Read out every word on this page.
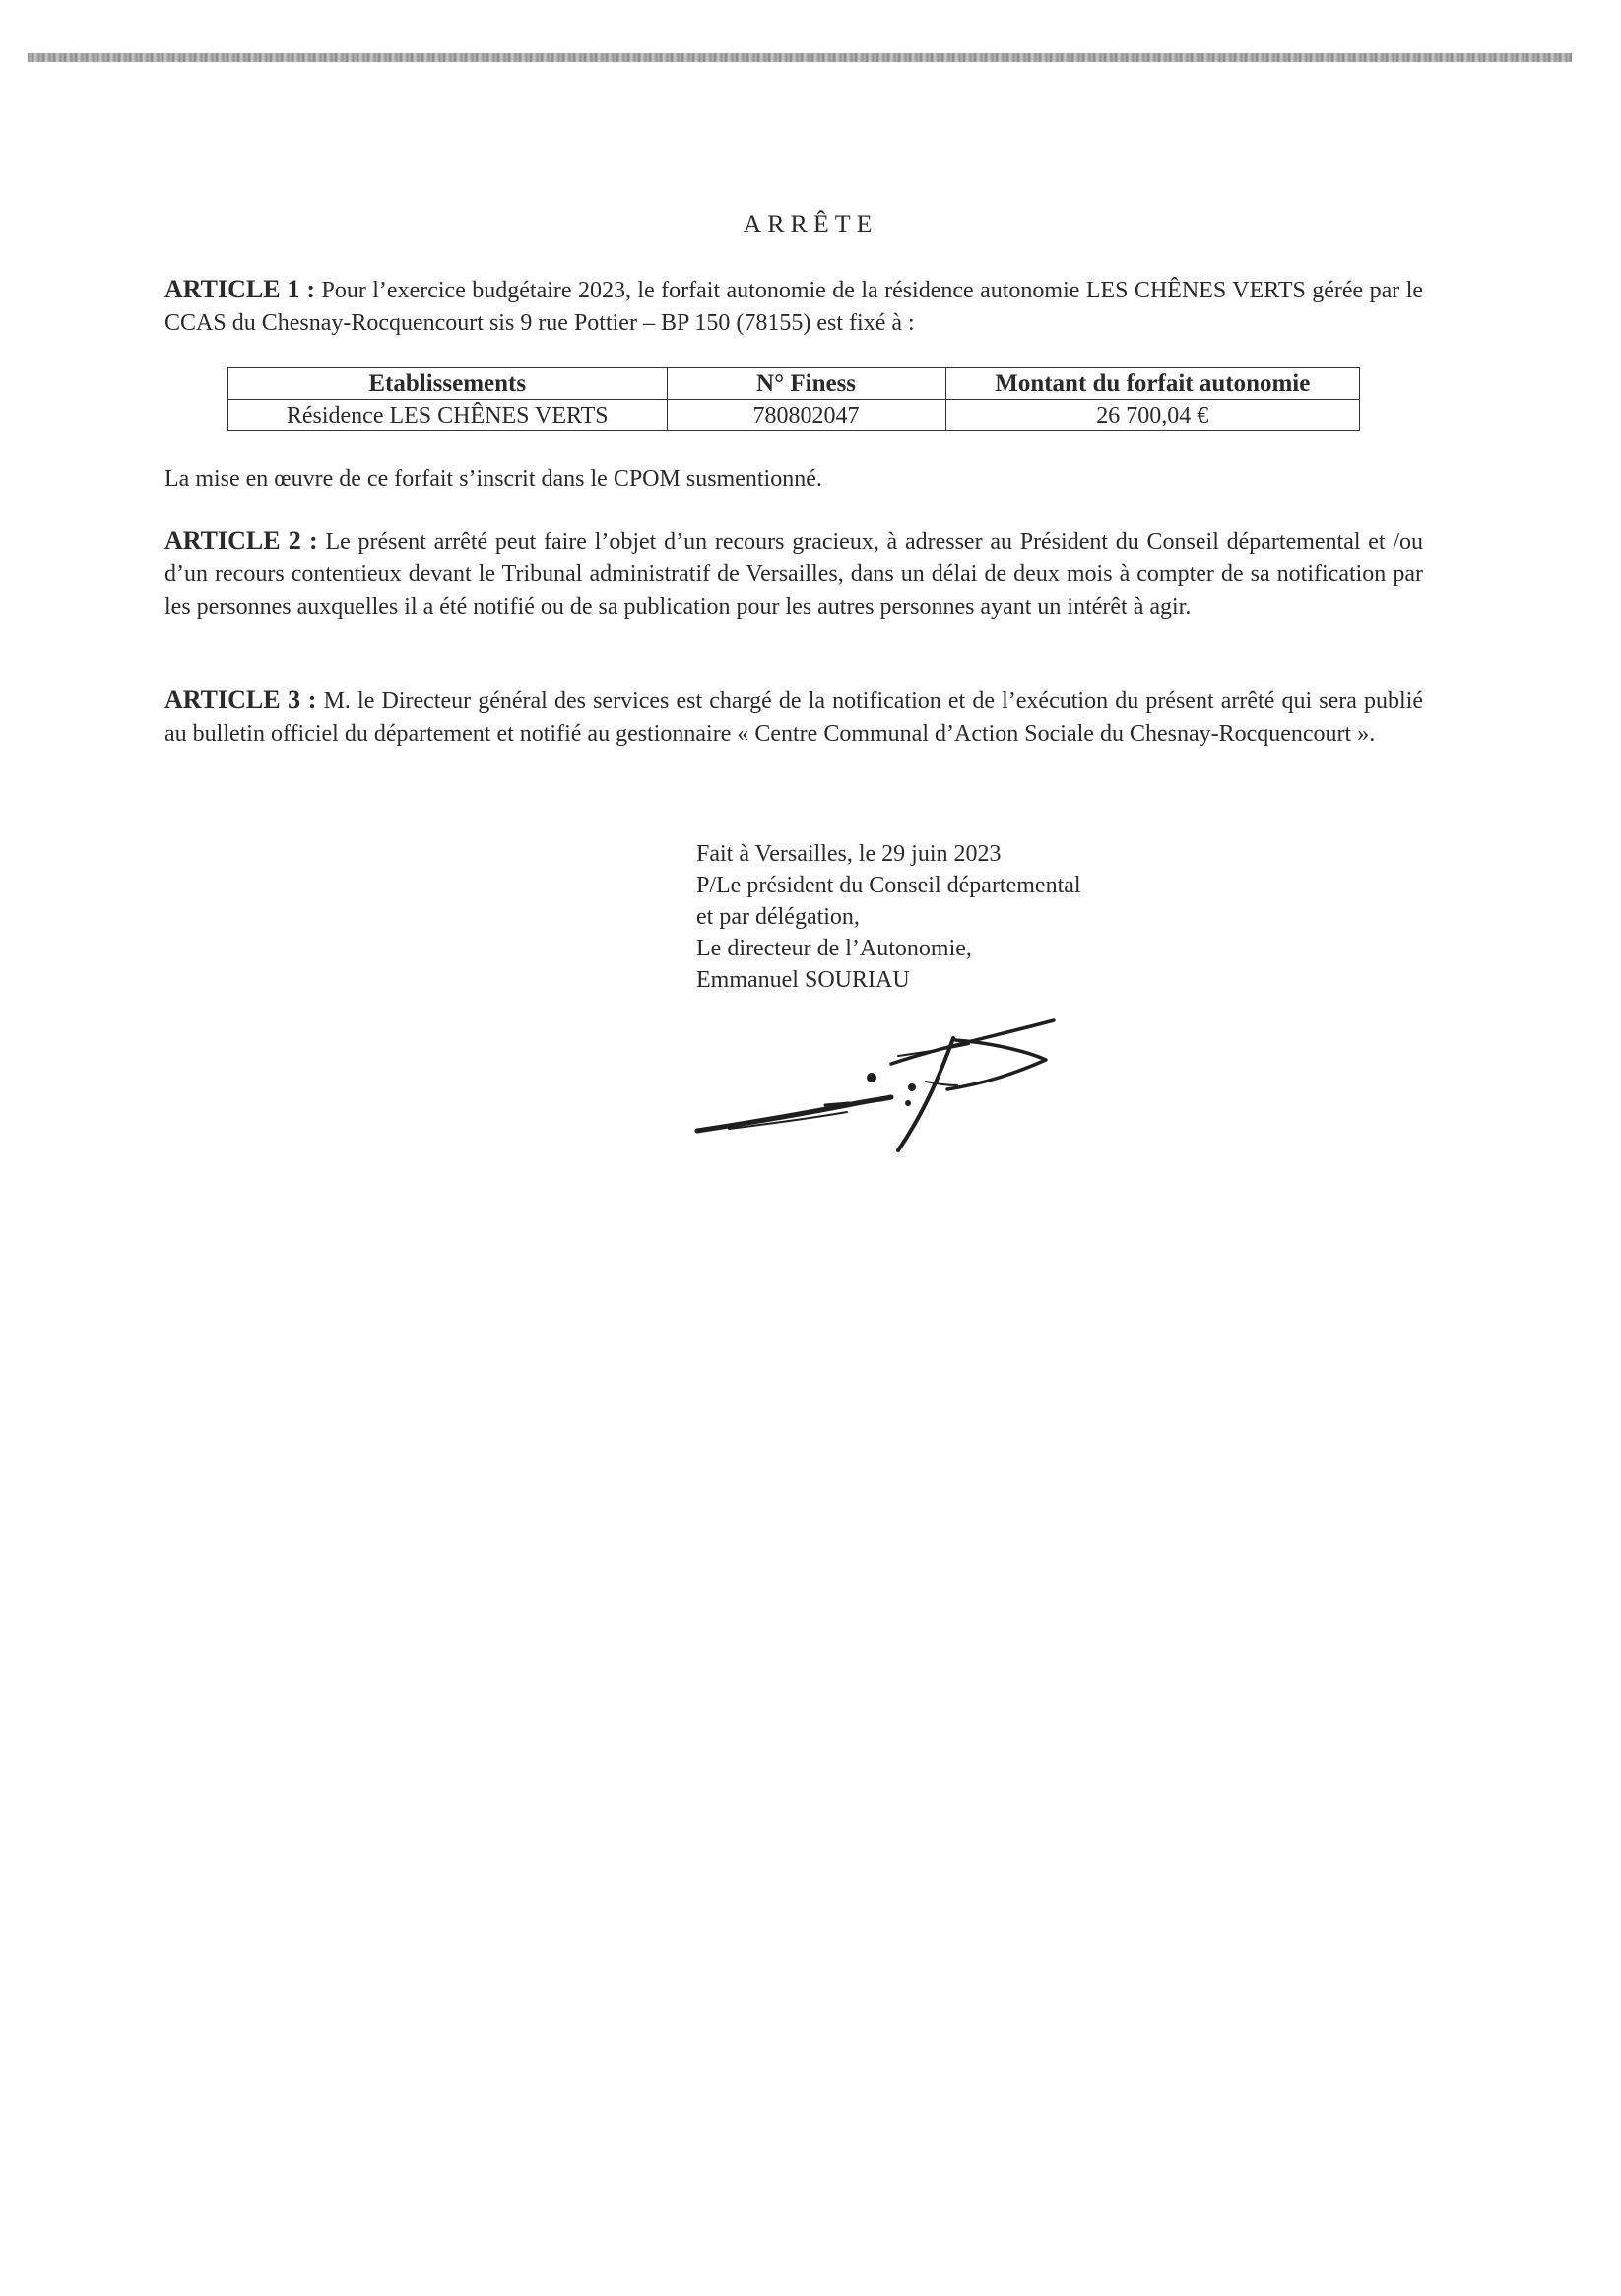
ARRÊTE

ARTICLE 1 : Pour l’exercice budgétaire 2023, le forfait autonomie de la résidence autonomie LES CHÊNES VERTS gérée par le CCAS du Chesnay-Rocquencourt sis 9 rue Pottier – BP 150 (78155) est fixé à :

Etablissements	N° Finess	Montant du forfait autonomie
Résidence LES CHÊNES VERTS	780802047	26 700,04 €

La mise en œuvre de ce forfait s’inscrit dans le CPOM susmentionné.

ARTICLE 2 : Le présent arrêté peut faire l’objet d’un recours gracieux, à adresser au Président du Conseil départemental et /ou d’un recours contentieux devant le Tribunal administratif de Versailles, dans un délai de deux mois à compter de sa notification par les personnes auxquelles il a été notifié ou de sa publication pour les autres personnes ayant un intérêt à agir.

ARTICLE 3 : M. le Directeur général des services est chargé de la notification et de l’exécution du présent arrêté qui sera publié au bulletin officiel du département et notifié au gestionnaire « Centre Communal d’Action Sociale du Chesnay-Rocquencourt ».

Fait à Versailles, le 29 juin 2023
P/Le président du Conseil départemental
et par délégation,
Le directeur de l’Autonomie,
Emmanuel SOURIAU
